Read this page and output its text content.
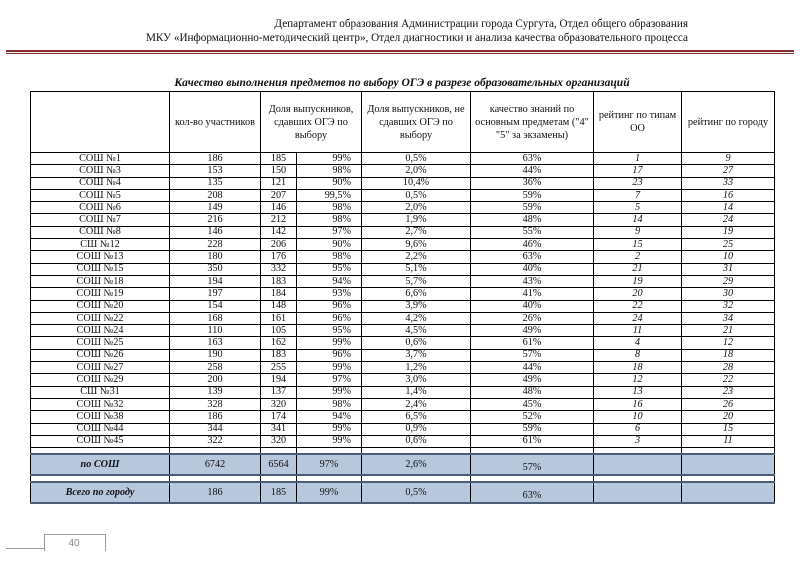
Департамент образования Администрации города Сургута, Отдел общего образования
МКУ «Информационно-методический центр», Отдел диагностики и анализа качества образовательного процесса
Качество выполнения предметов по выбору ОГЭ в разрезе образовательных организаций
	кол-во участников	Доля выпускников, сдавших ОГЭ по выбору		Доля выпускников, не сдавших ОГЭ по выбору	качество знаний по основным предметам ("4" "5" за экзамены)	рейтинг по типам ОО	рейтинг по городу
СОШ №1	186	185	99%	0,5%	63%	1	9
СОШ №3	153	150	98%	2,0%	44%	17	27
СОШ №4	135	121	90%	10,4%	36%	23	33
СОШ №5	208	207	99,5%	0,5%	59%	7	16
СОШ №6	149	146	98%	2,0%	59%	5	14
СОШ №7	216	212	98%	1,9%	48%	14	24
СОШ №8	146	142	97%	2,7%	55%	9	19
СШ №12	228	206	90%	9,6%	46%	15	25
СОШ №13	180	176	98%	2,2%	63%	2	10
СОШ №15	350	332	95%	5,1%	40%	21	31
СОШ №18	194	183	94%	5,7%	43%	19	29
СОШ №19	197	184	93%	6,6%	41%	20	30
СОШ №20	154	148	96%	3,9%	40%	22	32
СОШ №22	168	161	96%	4,2%	26%	24	34
СОШ №24	110	105	95%	4,5%	49%	11	21
СОШ №25	163	162	99%	0,6%	61%	4	12
СОШ №26	190	183	96%	3,7%	57%	8	18
СОШ №27	258	255	99%	1,2%	44%	18	28
СОШ №29	200	194	97%	3,0%	49%	12	22
СШ №31	139	137	99%	1,4%	48%	13	23
СОШ №32	328	320	98%	2,4%	45%	16	26
СОШ №38	186	174	94%	6,5%	52%	10	20
СОШ №44	344	341	99%	0,9%	59%	6	15
СОШ №45	322	320	99%	0,6%	61%	3	11

по СОШ	6742	6564	97%	2,6%	57%		

Всего по городу	186	185	99%	0,5%	63%		
40
